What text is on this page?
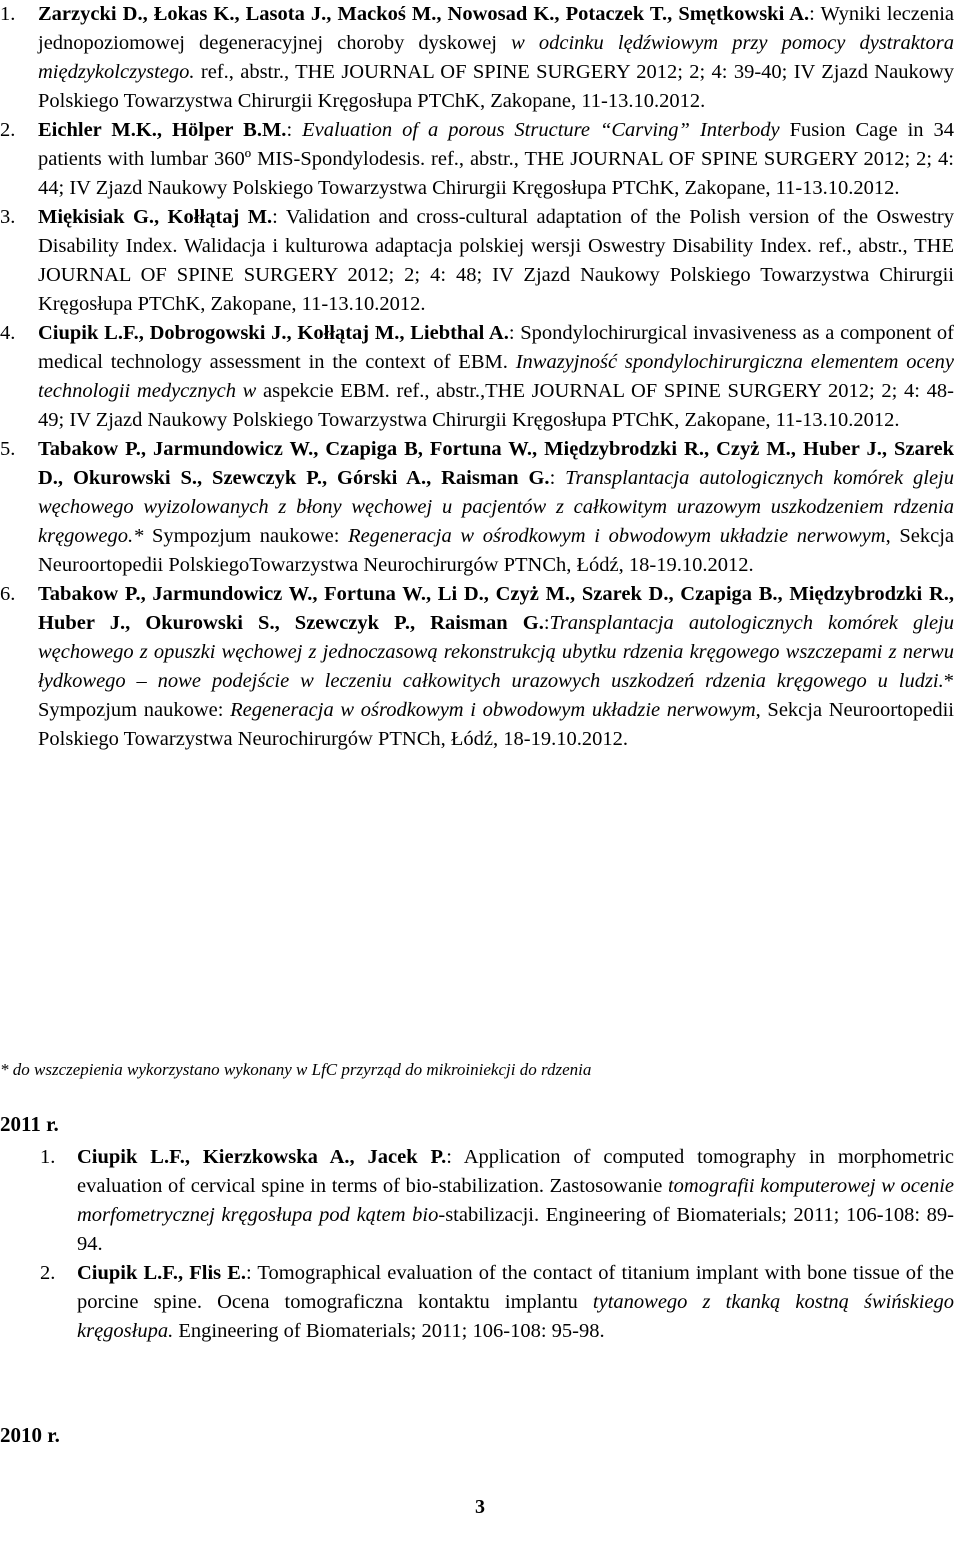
1. Zarzycki D., Łokas K., Lasota J., Mackoś M., Nowosad K., Potaczek T., Smętkowski A.: Wyniki leczenia jednopoziomowej degeneracyjnej choroby dyskowej w odcinku lędźwiowym przy pomocy dystraktora międzykolczystego. ref., abstr., THE JOURNAL OF SPINE SURGERY 2012; 2; 4: 39-40; IV Zjazd Naukowy Polskiego Towarzystwa Chirurgii Kręgosłupa PTChK, Zakopane, 11-13.10.2012.
2. Eichler M.K., Hölper B.M.: Evaluation of a porous Structure “Carving” Interbody Fusion Cage in 34 patients with lumbar 360º MIS-Spondylodesis. ref., abstr., THE JOURNAL OF SPINE SURGERY 2012; 2; 4: 44; IV Zjazd Naukowy Polskiego Towarzystwa Chirurgii Kręgosłupa PTChK, Zakopane, 11-13.10.2012.
3. Miękisiak G., Kołłątaj M.: Validation and cross-cultural adaptation of the Polish version of the Oswestry Disability Index. Walidacja i kulturowa adaptacja polskiej wersji Oswestry Disability Index. ref., abstr., THE JOURNAL OF SPINE SURGERY 2012; 2; 4: 48; IV Zjazd Naukowy Polskiego Towarzystwa Chirurgii Kręgosłupa PTChK, Zakopane, 11-13.10.2012.
4. Ciupik L.F., Dobrogowski J., Kołłątaj M., Liebthal A.: Spondylochirurgical invasiveness as a component of medical technology assessment in the context of EBM. Inwazyjność spondylochirurgiczna elementem oceny technologii medycznych w aspekcie EBM. ref., abstr.,THE JOURNAL OF SPINE SURGERY 2012; 2; 4: 48-49; IV Zjazd Naukowy Polskiego Towarzystwa Chirurgii Kręgosłupa PTChK, Zakopane, 11-13.10.2012.
5. Tabakow P., Jarmundowicz W., Czapiga B, Fortuna W., Międzybrodzki R., Czyż M., Huber J., Szarek D., Okurowski S., Szewczyk P., Górski A., Raisman G.: Transplantacja autologicznych komórek gleju węchowego wyizolowanych z błony węchowej u pacjentów z całkowitym urazowym uszkodzeniem rdzenia kręgowego.* Sympozjum naukowe: Regeneracja w ośrodkowym i obwodowym układzie nerwowym, Sekcja Neuroortopedii PolskiegoTowarzystwa Neurochirurgów PTNCh, Łódź, 18-19.10.2012.
6. Tabakow P., Jarmundowicz W., Fortuna W., Li D., Czyż M., Szarek D., Czapiga B., Międzybrodzki R., Huber J., Okurowski S., Szewczyk P., Raisman G.:Transplantacja autologicznych komórek gleju węchowego z opuszki węchowej z jednoczasową rekonstrukcją ubytku rdzenia kręgowego wszczepami z nerwu łydkowego – nowe podejście w leczeniu całkowitych urazowych uszkodzeń rdzenia kręgowego u ludzi.* Sympozjum naukowe: Regeneracja w ośrodkowym i obwodowym układzie nerwowym, Sekcja Neuroortopedii Polskiego Towarzystwa Neurochirurgów PTNCh, Łódź, 18-19.10.2012.
* do wszczepienia wykorzystano wykonany w LfC przyrząd do mikroiniekcji do rdzenia
2011 r.
1. Ciupik L.F., Kierzkowska A., Jacek P.: Application of computed tomography in morphometric evaluation of cervical spine in terms of bio-stabilization. Zastosowanie tomografii komputerowej w ocenie morfometrycznej kręgosłupa pod kątem bio-stabilizacji. Engineering of Biomaterials; 2011; 106-108: 89-94.
2. Ciupik L.F., Flis E.: Tomographical evaluation of the contact of titanium implant with bone tissue of the porcine spine. Ocena tomograficzna kontaktu implantu tytanowego z tkanką kostną świńskiego kręgosłupa. Engineering of Biomaterials; 2011; 106-108: 95-98.
2010 r.
3
